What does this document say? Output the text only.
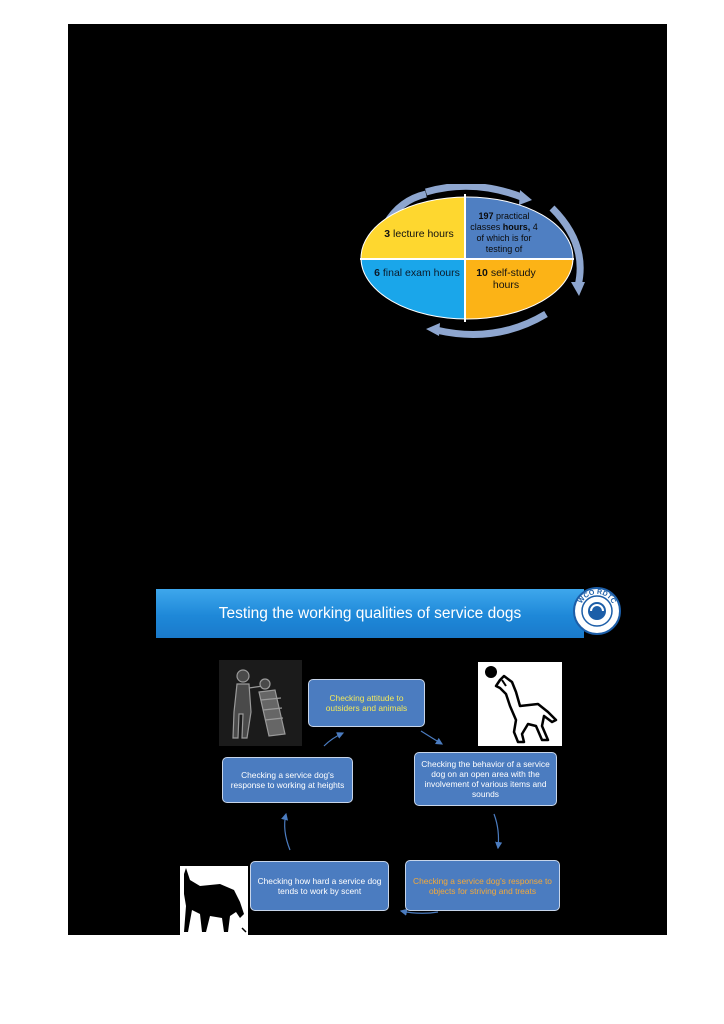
3 lecture hours
197 practical classes hours, 4 of which is for testing of
6 final exam hours	10 self-study hours
Testing the working qualities of service dogs
WCO RDTC
Checking attitude to outsiders and animals
Checking the behavior of a service dog on an open area with the involvement of various items and sounds
Checking a service dog's response to working at heights
Checking how hard a service dog tends to work by scent
Checking a service dog's response to objects for striving and treats
